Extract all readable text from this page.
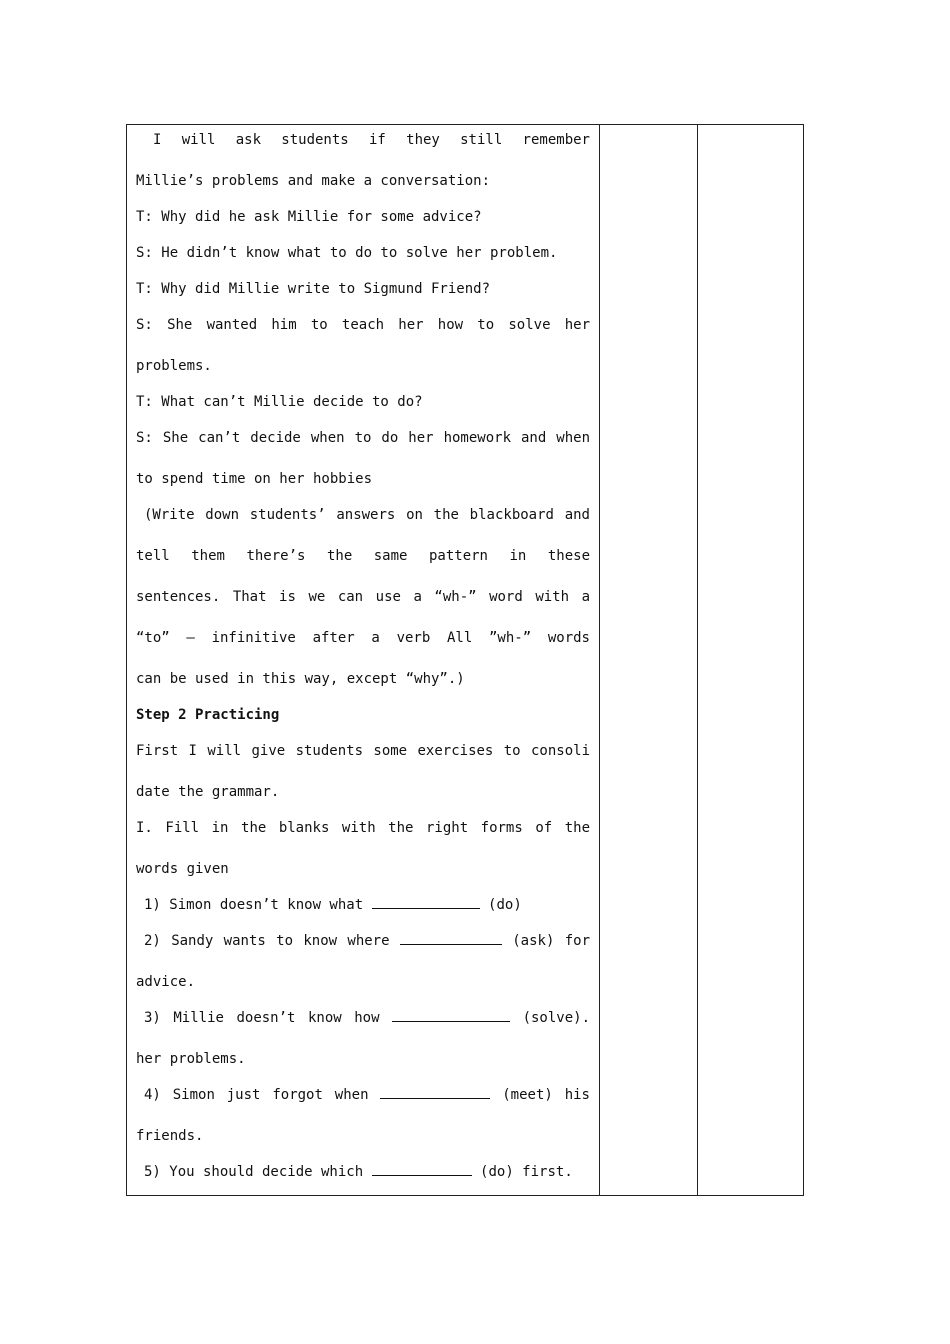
I will ask students if they still remember
Millie’s problems and make a conversation:
T: Why did he ask Millie for some advice?
S: He didn’t know what to do to solve her problem.
T: Why did Millie write to Sigmund Friend?
S: She wanted him to teach her how to solve her
problems.
T: What can’t Millie decide to do?
S: She can’t decide when to do her homework and when
to spend time on her hobbies
(Write down students’ answers on the blackboard and
tell them there’s the same pattern in these
sentences. That is we can use a “wh-” word with a
“to” – infinitive after a verb All ”wh-” words
can be used in this way, except “why”.)
Step 2 Practicing
First I will give students some exercises to consoli
date the grammar.
I. Fill in the blanks with the right forms of the
words given
1) Simon doesn’t know what	(do)
2) Sandy wants to know where	(ask) for
advice.
3) Millie doesn’t know how	(solve).
her problems.
4) Simon just forgot when	(meet) his
friends.
5) You should decide which	(do) first.
